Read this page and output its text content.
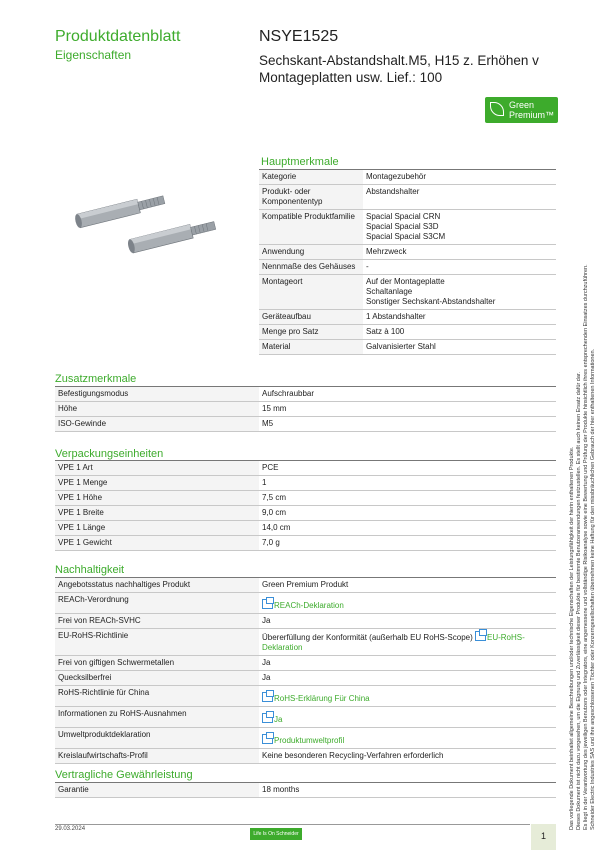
Produktdatenblatt
Eigenschaften
NSYE1525
Sechskant-Abstandshalt.M5, H15 z. Erhöhen v Montageplatten usw. Lief.: 100
Green
Premium™
Hauptmerkmale
Kategorie	Montagezubehör

Produkt- oder Komponententyp	Abstandshalter

Kompatible Produktfamilie	Spacial Spacial CRN
Spacial Spacial S3D
Spacial Spacial S3CM

Anwendung	Mehrzweck

Nennmaße des Gehäuses	-

Montageort	Auf der Montageplatte
Schaltanlage
Sonstiger Sechskant-Abstandshalter

Geräteaufbau	1 Abstandshalter

Menge pro Satz	Satz à 100

Material	Galvanisierter Stahl
Zusatzmerkmale
Befestigungsmodus	Aufschraubbar
Höhe	15 mm
ISO-Gewinde	M5
Verpackungseinheiten
VPE 1 Art	PCE
VPE 1 Menge	1
VPE 1 Höhe	7,5 cm
VPE 1 Breite	9,0 cm
VPE 1 Länge	14,0 cm
VPE 1 Gewicht	7,0 g
Nachhaltigkeit
Angebotsstatus nachhaltiges Produkt	Green Premium Produkt
REACh-Verordnung	REACh-Deklaration
Frei von REACh-SVHC	Ja
EU-RoHS-Richtlinie	Übererfüllung der Konformität (außerhalb EU RoHS-Scope) EU-RoHS-Deklaration
Frei von giftigen Schwermetallen	Ja
Quecksilberfrei	Ja
RoHS-Richtlinie für China	RoHS-Erklärung Für China
Informationen zu RoHS-Ausnahmen	Ja
Umweltproduktdeklaration	Produktumweltprofil
Kreislaufwirtschafts-Profil	Keine besonderen Recycling-Verfahren erforderlich
Vertragliche Gewährleistung
Garantie	18 months	Das vorliegende Dokument beinhaltet allgemeine Beschreibungen und/oder technische Eigenschaften der Leistungsfähigkeit der hierin enthaltenen Produkte. Dieses Dokument ist nicht dazu vorgesehen, um die Eignung und Zuverlässigkeit dieser Produkte für bestimmte Benutzeranwendungen festzustellen. Es stellt auch keinen Ersatz dafür dar. Es liegt in der Verantwortung des jeweiligen Benutzers oder Integrators, eine angemessene und vollständige Risikoanalyse sowie eine Bewertung und Prüfung der Produkte hinsichtlich ihres entsprechenden Einsatzes durchzuführen. Schneider Electric Industries SAS und ihre angeschlossenen Töchter oder Konzerngesellschaften übernehmen keine Haftung für den missbräuchlichen Gebrauch der hier enthaltenen Informationen.
29.03.2024
Life Is On Schneider	1
